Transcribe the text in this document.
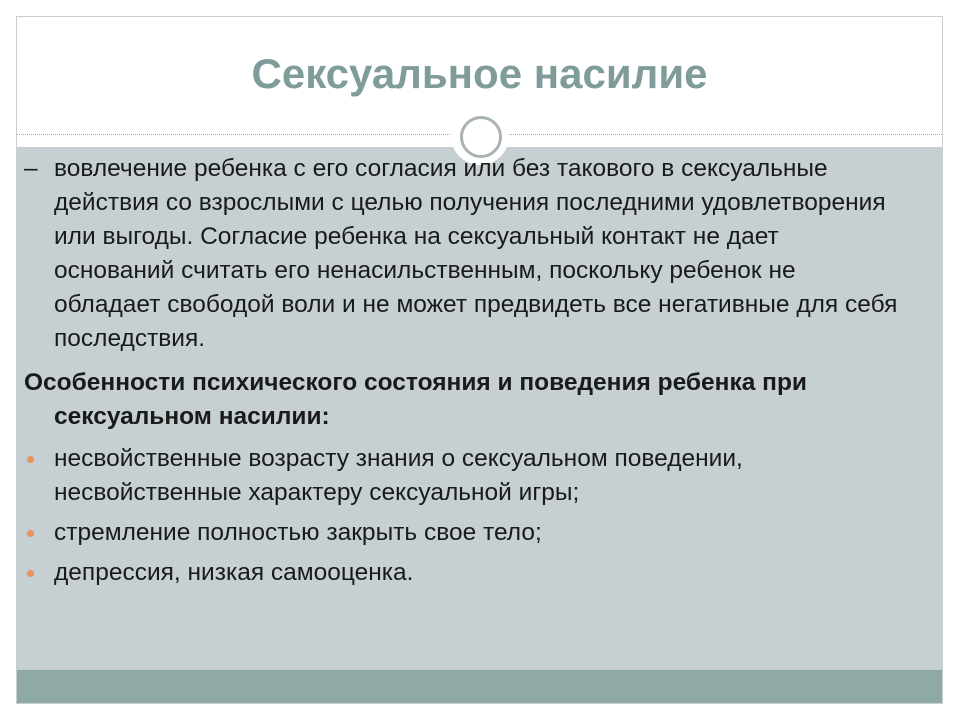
Сексуальное насилие

– вовлечение ребенка с его согласия или без такового в сексуальные действия со взрослыми с целью получения последними удовлетворения или выгоды. Согласие ребенка на сексуальный контакт не дает оснований считать его ненасильственным, поскольку ребенок не обладает свободой воли и не может предвидеть все негативные для себя последствия.

Особенности психического состояния и поведения ребенка при сексуальном насилии:

несвойственные возрасту знания о сексуальном поведении, несвойственные характеру сексуальной игры;
стремление полностью закрыть свое тело;
депрессия, низкая самооценка.
